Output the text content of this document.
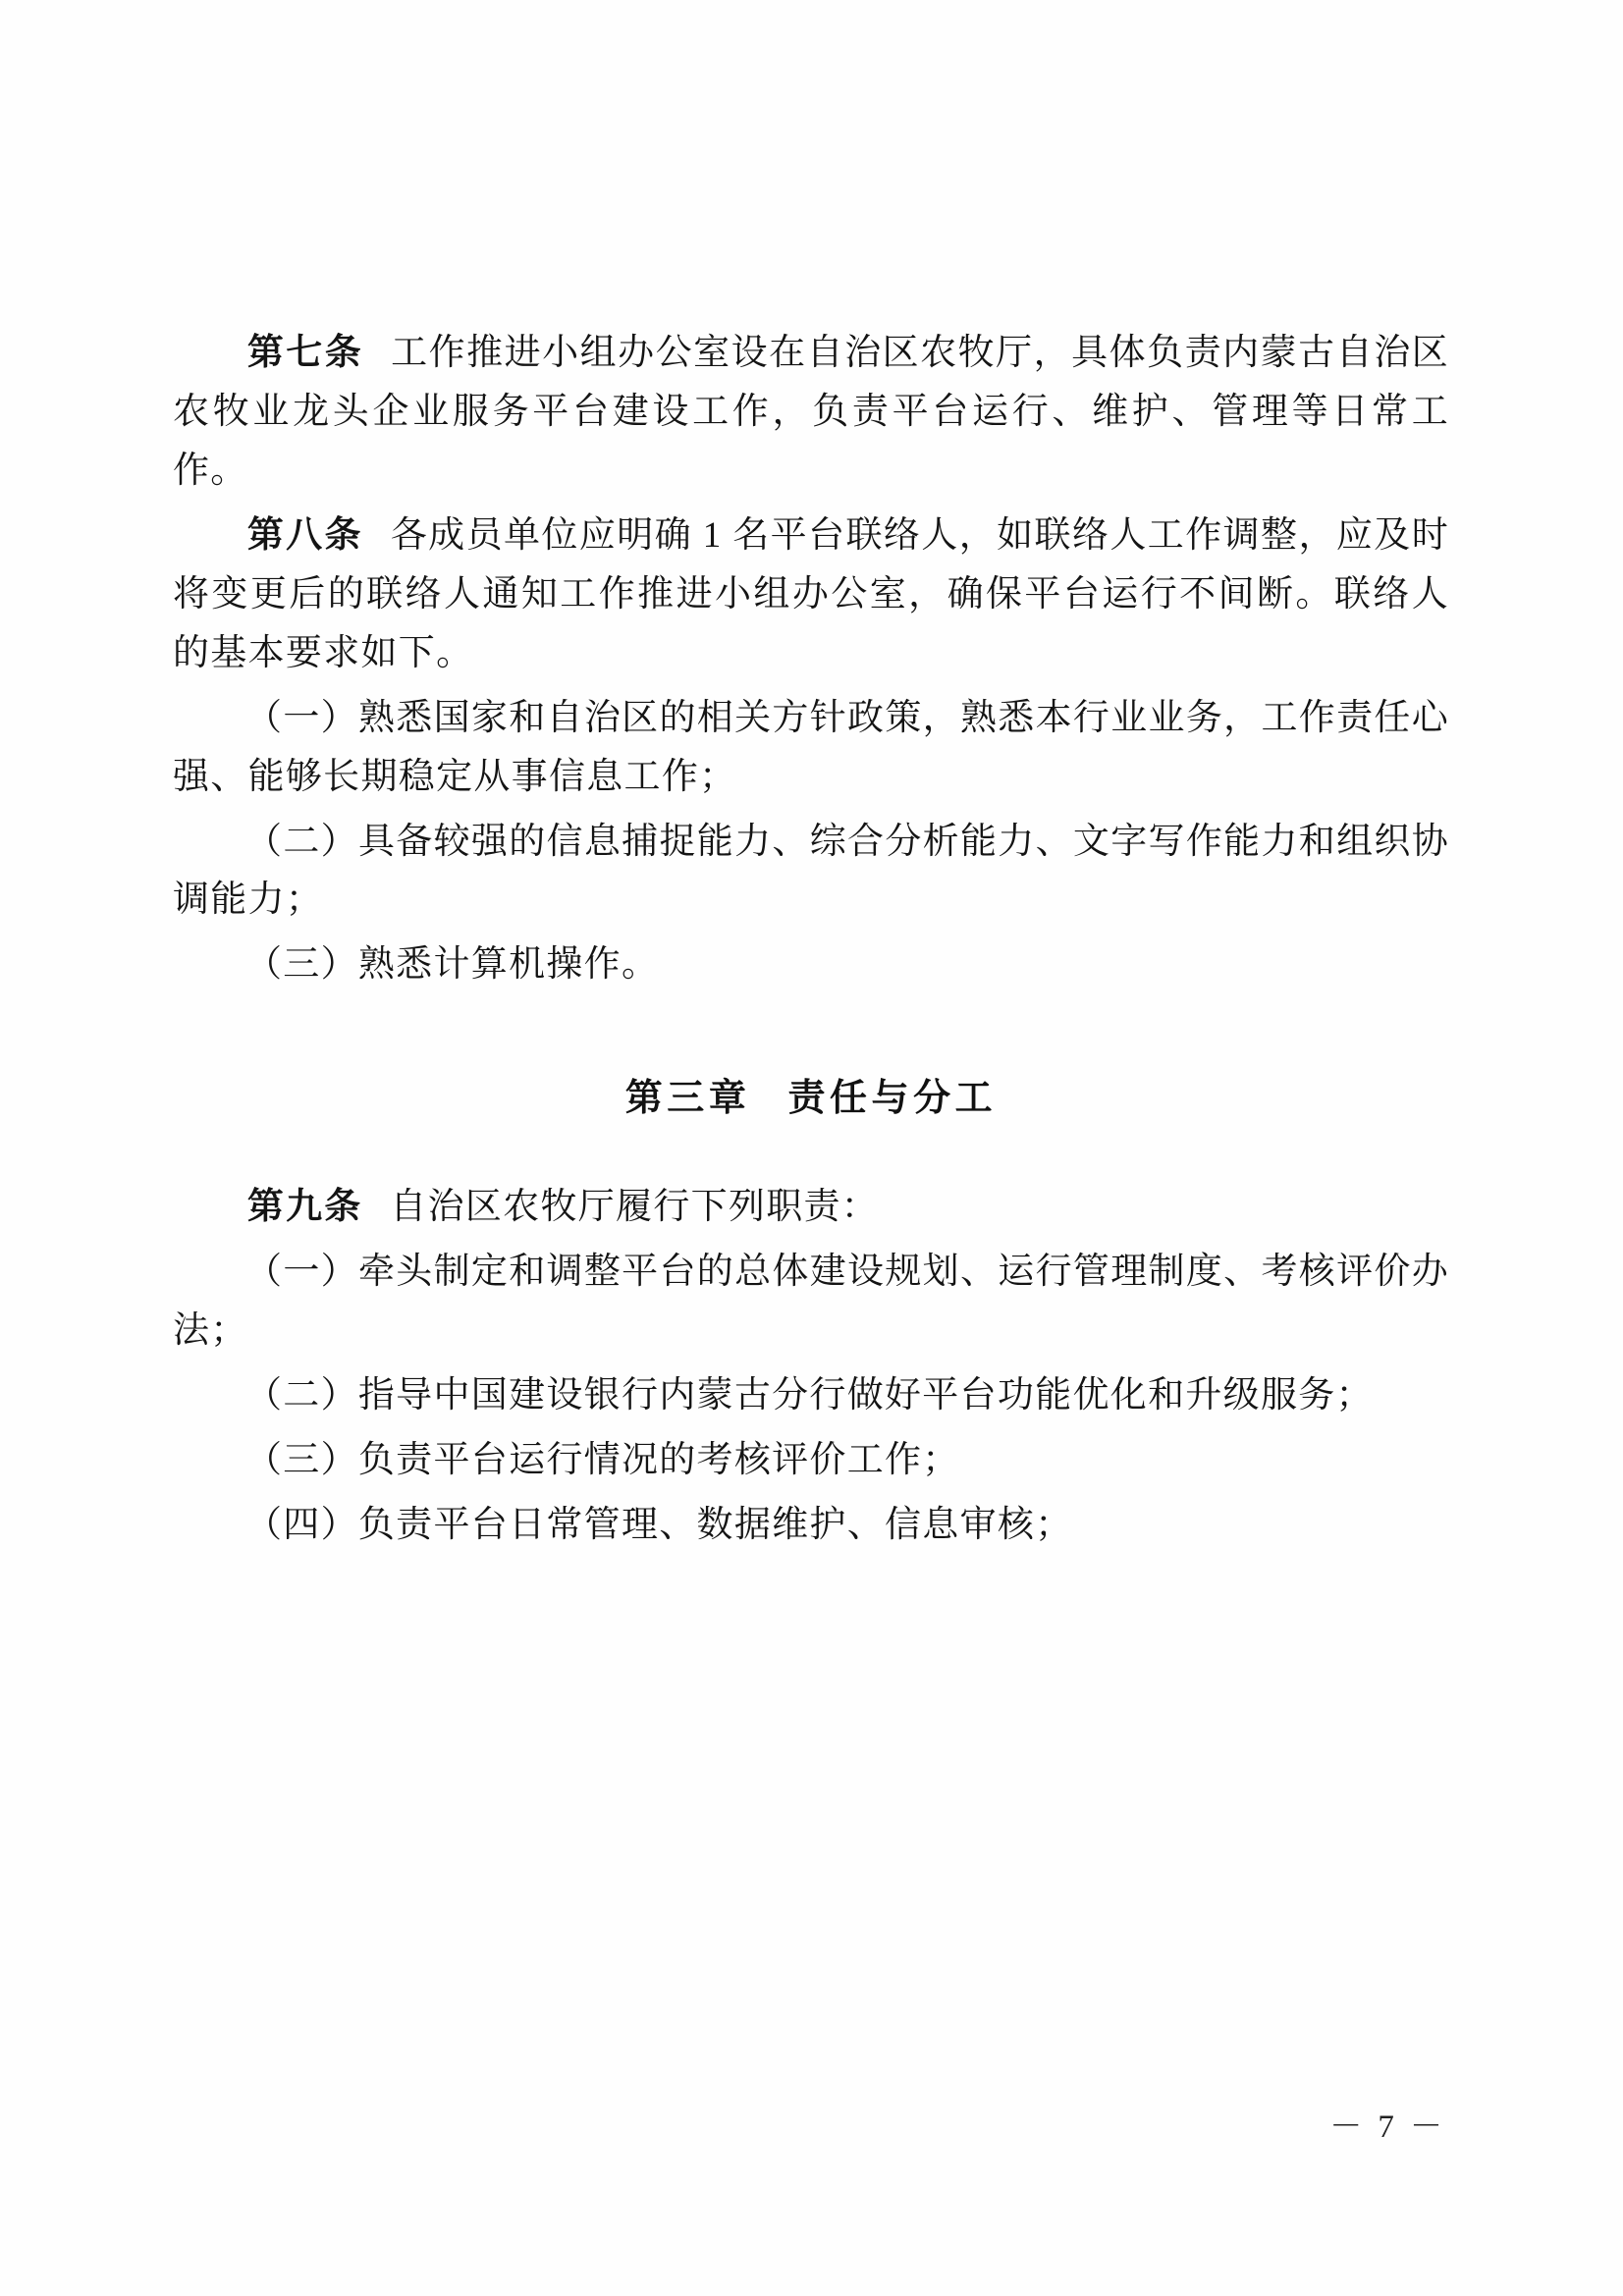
第七条 工作推进小组办公室设在自治区农牧厅，具体负责内蒙古自治区农牧业龙头企业服务平台建设工作，负责平台运行、维护、管理等日常工作。

第八条 各成员单位应明确 1 名平台联络人，如联络人工作调整，应及时将变更后的联络人通知工作推进小组办公室，确保平台运行不间断。联络人的基本要求如下。

（一）熟悉国家和自治区的相关方针政策，熟悉本行业业务，工作责任心强、能够长期稳定从事信息工作；

（二）具备较强的信息捕捉能力、综合分析能力、文字写作能力和组织协调能力；

（三）熟悉计算机操作。

第三章 责任与分工

第九条 自治区农牧厅履行下列职责：

（一）牵头制定和调整平台的总体建设规划、运行管理制度、考核评价办法；

（二）指导中国建设银行内蒙古分行做好平台功能优化和升级服务；

（三）负责平台运行情况的考核评价工作；

（四）负责平台日常管理、数据维护、信息审核；

－ 7 －
